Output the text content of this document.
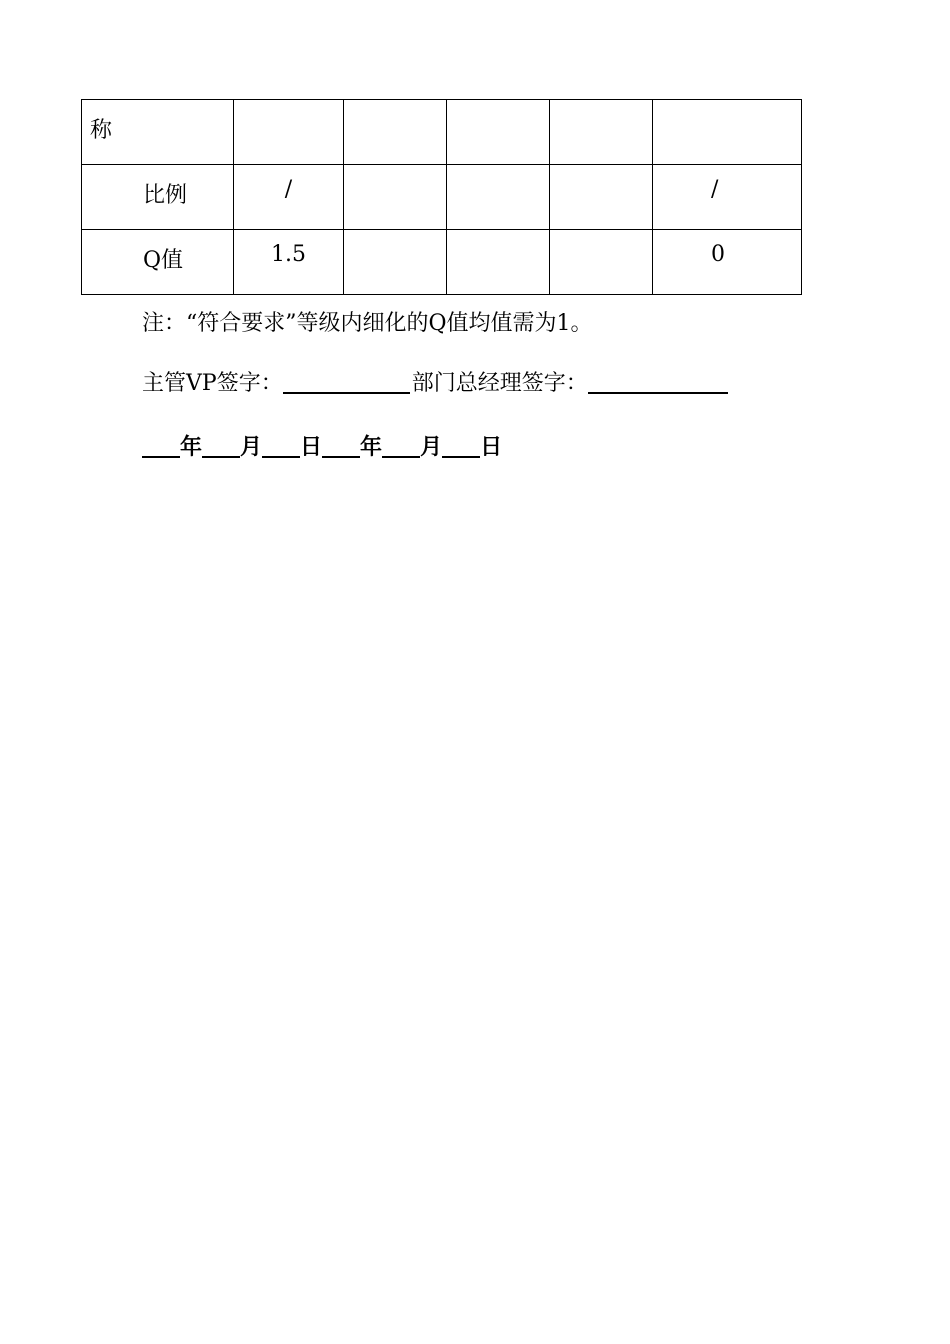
称					

比例	/				/

Q值	1.5				0
注：“符合要求”等级内细化的Q值均值需为1。
主管VP签字：	部门总经理签字：
年 月 日 年 月 日
